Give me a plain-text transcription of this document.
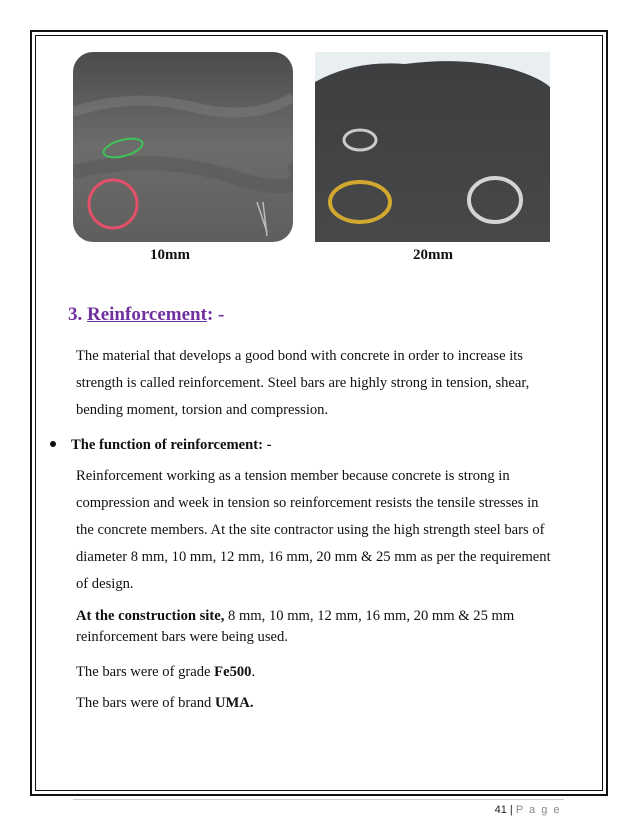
10mm	20mm
3. Reinforcement: -
The material that develops a good bond with concrete in order to increase its strength is called reinforcement. Steel bars are highly strong in tension, shear, bending moment, torsion and compression.
The function of reinforcement: -
Reinforcement working as a tension member because concrete is strong in compression and week in tension so reinforcement resists the tensile stresses in the concrete members. At the site contractor using the high strength steel bars of diameter 8 mm, 10 mm, 12 mm, 16 mm, 20 mm & 25 mm as per the requirement of design.
At the construction site, 8 mm, 10 mm, 12 mm, 16 mm, 20 mm & 25 mm reinforcement bars were being used.
The bars were of grade Fe500.
The bars were of brand UMA.
41 | P a g e
